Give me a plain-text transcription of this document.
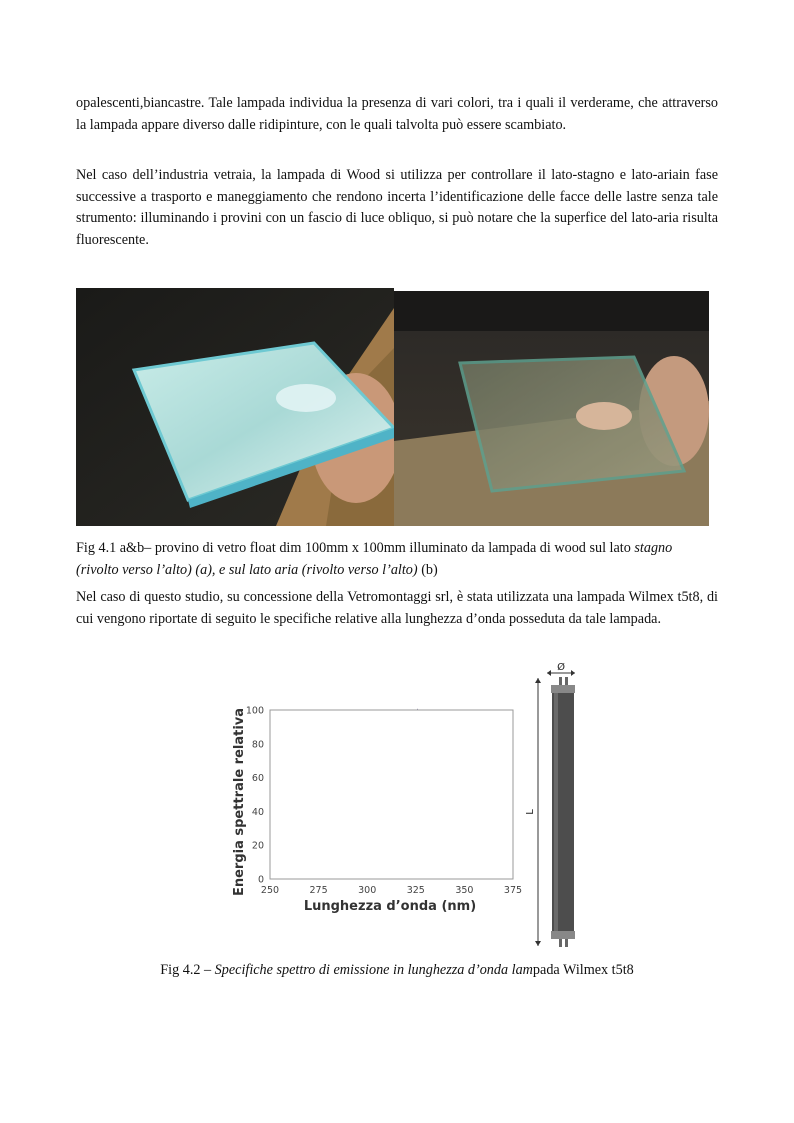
opalescenti,biancastre. Tale lampada individua la presenza di vari colori, tra i quali il verderame, che attraverso la lampada appare diverso dalle ridipinture, con le quali talvolta può essere scambiato.

Nel caso dell’industria vetraia, la lampada di Wood si utilizza per controllare il lato-stagno e lato-ariain fase successive a trasporto e maneggiamento che rendono incerta l’identificazione delle facce delle lastre senza tale strumento: illuminando i provini con un fascio di luce obliquo, si può notare che la superfice del lato-aria risulta fluorescente.

Fig 4.1 a&b– provino di vetro float dim 100mm x 100mm illuminato da lampada di wood sul lato stagno (rivolto verso l’alto) (a), e sul lato aria (rivolto verso l’alto) (b)

Nel caso di questo studio, su concessione della Vetromontaggi srl, è stata utilizzata una lampada Wilmex t5t8, di cui vengono riportate di seguito le specifiche relative alla lunghezza d’onda posseduta da tale lampada.

250	275	300	325	350	375
0
20
40
60
80
100
Energia spettrale relativa
Lunghezza d’onda (nm)
Ø
L

Fig 4.2 – Specifiche spettro di emissione in lunghezza d’onda lampada Wilmex t5t8
